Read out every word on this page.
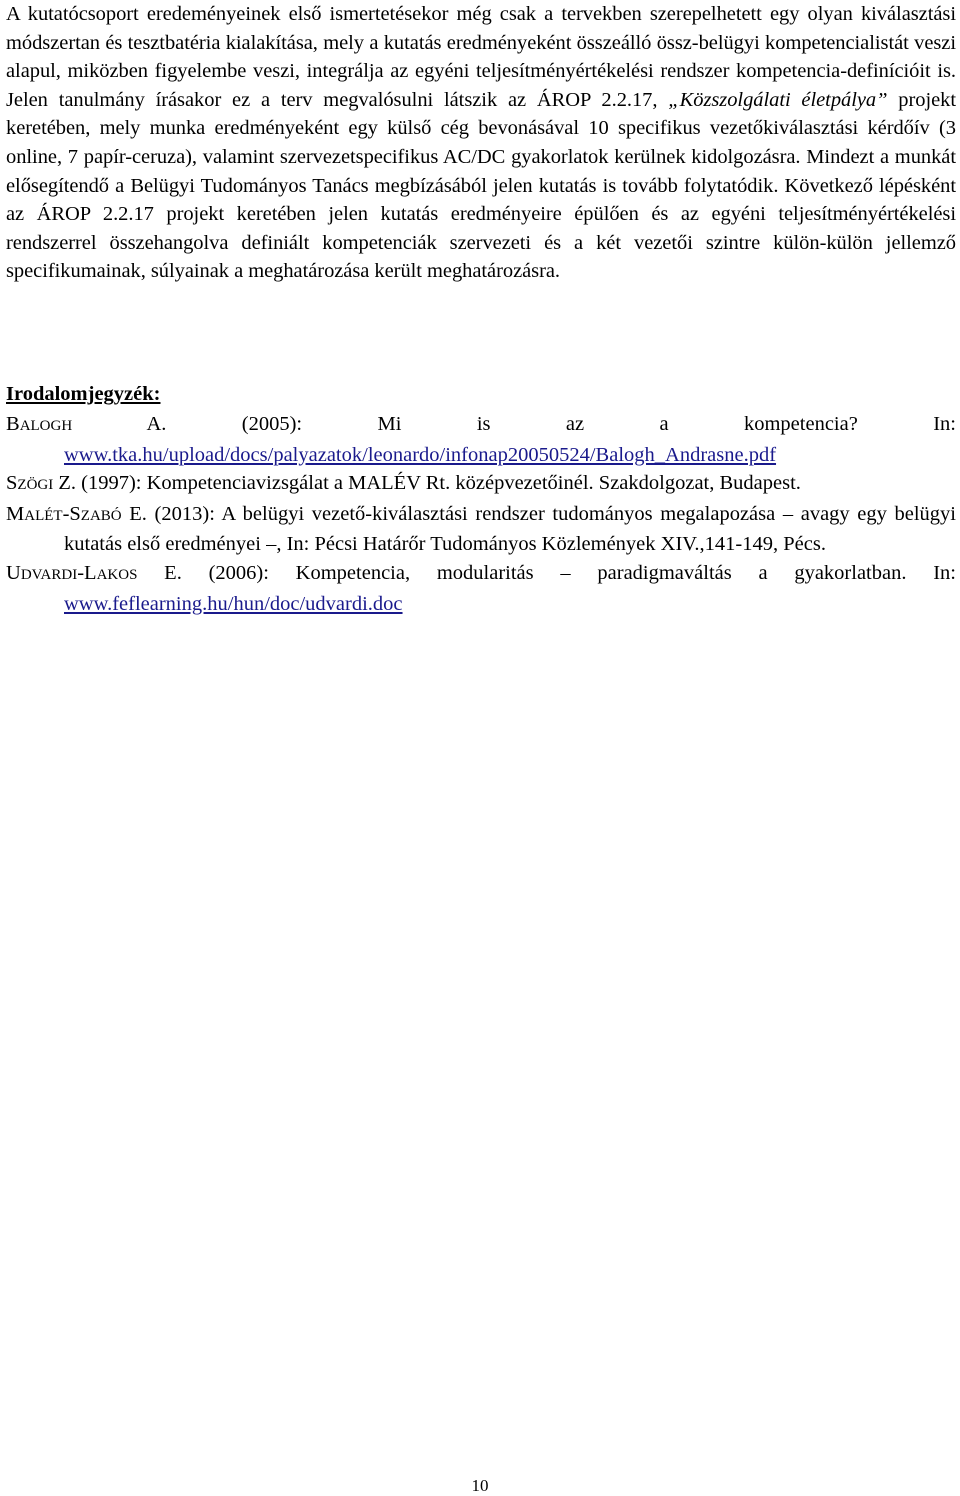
A kutatócsoport eredeményeinek első ismertetésekor még csak a tervekben szerepelhetett egy olyan kiválasztási módszertan és tesztbatéria kialakítása, mely a kutatás eredményeként összeálló össz-belügyi kompetencialistát veszi alapul, miközben figyelembe veszi, integrálja az egyéni teljesítményértékelési rendszer kompetencia-definícióit is. Jelen tanulmány írásakor ez a terv megvalósulni látszik az ÁROP 2.2.17, „Közszolgálati életpálya” projekt keretében, mely munka eredményeként egy külső cég bevonásával 10 specifikus vezetőkiválasztási kérdőív (3 online, 7 papír-ceruza), valamint szervezetspecifikus AC/DC gyakorlatok kerülnek kidolgozásra. Mindezt a munkát elősegítendő a Belügyi Tudományos Tanács megbízásából jelen kutatás is tovább folytatódik. Következő lépésként az ÁROP 2.2.17 projekt keretében jelen kutatás eredményeire épülően és az egyéni teljesítményértékelési rendszerrel összehangolva definiált kompetenciák szervezeti és a két vezetői szintre külön-külön jellemző specifikumainak, súlyainak a meghatározása került meghatározásra.

Irodalomjegyzék:

BALOGH A. (2005): Mi is az a kompetencia? In: www.tka.hu/upload/docs/palyazatok/leonardo/infonap20050524/Balogh_Andrasne.pdf

SZÖGI Z. (1997): Kompetenciavizsgálat a MALÉV Rt. középvezetőinél. Szakdolgozat, Budapest.

MALÉT-SZABÓ E. (2013): A belügyi vezető-kiválasztási rendszer tudományos megalapozása – avagy egy belügyi kutatás első eredményei –, In: Pécsi Határőr Tudományos Közlemények XIV.,141-149, Pécs.

UDVARDI-LAKOS E. (2006): Kompetencia, modularitás – paradigmaváltás a gyakorlatban. In: www.feflearning.hu/hun/doc/udvardi.doc

10
